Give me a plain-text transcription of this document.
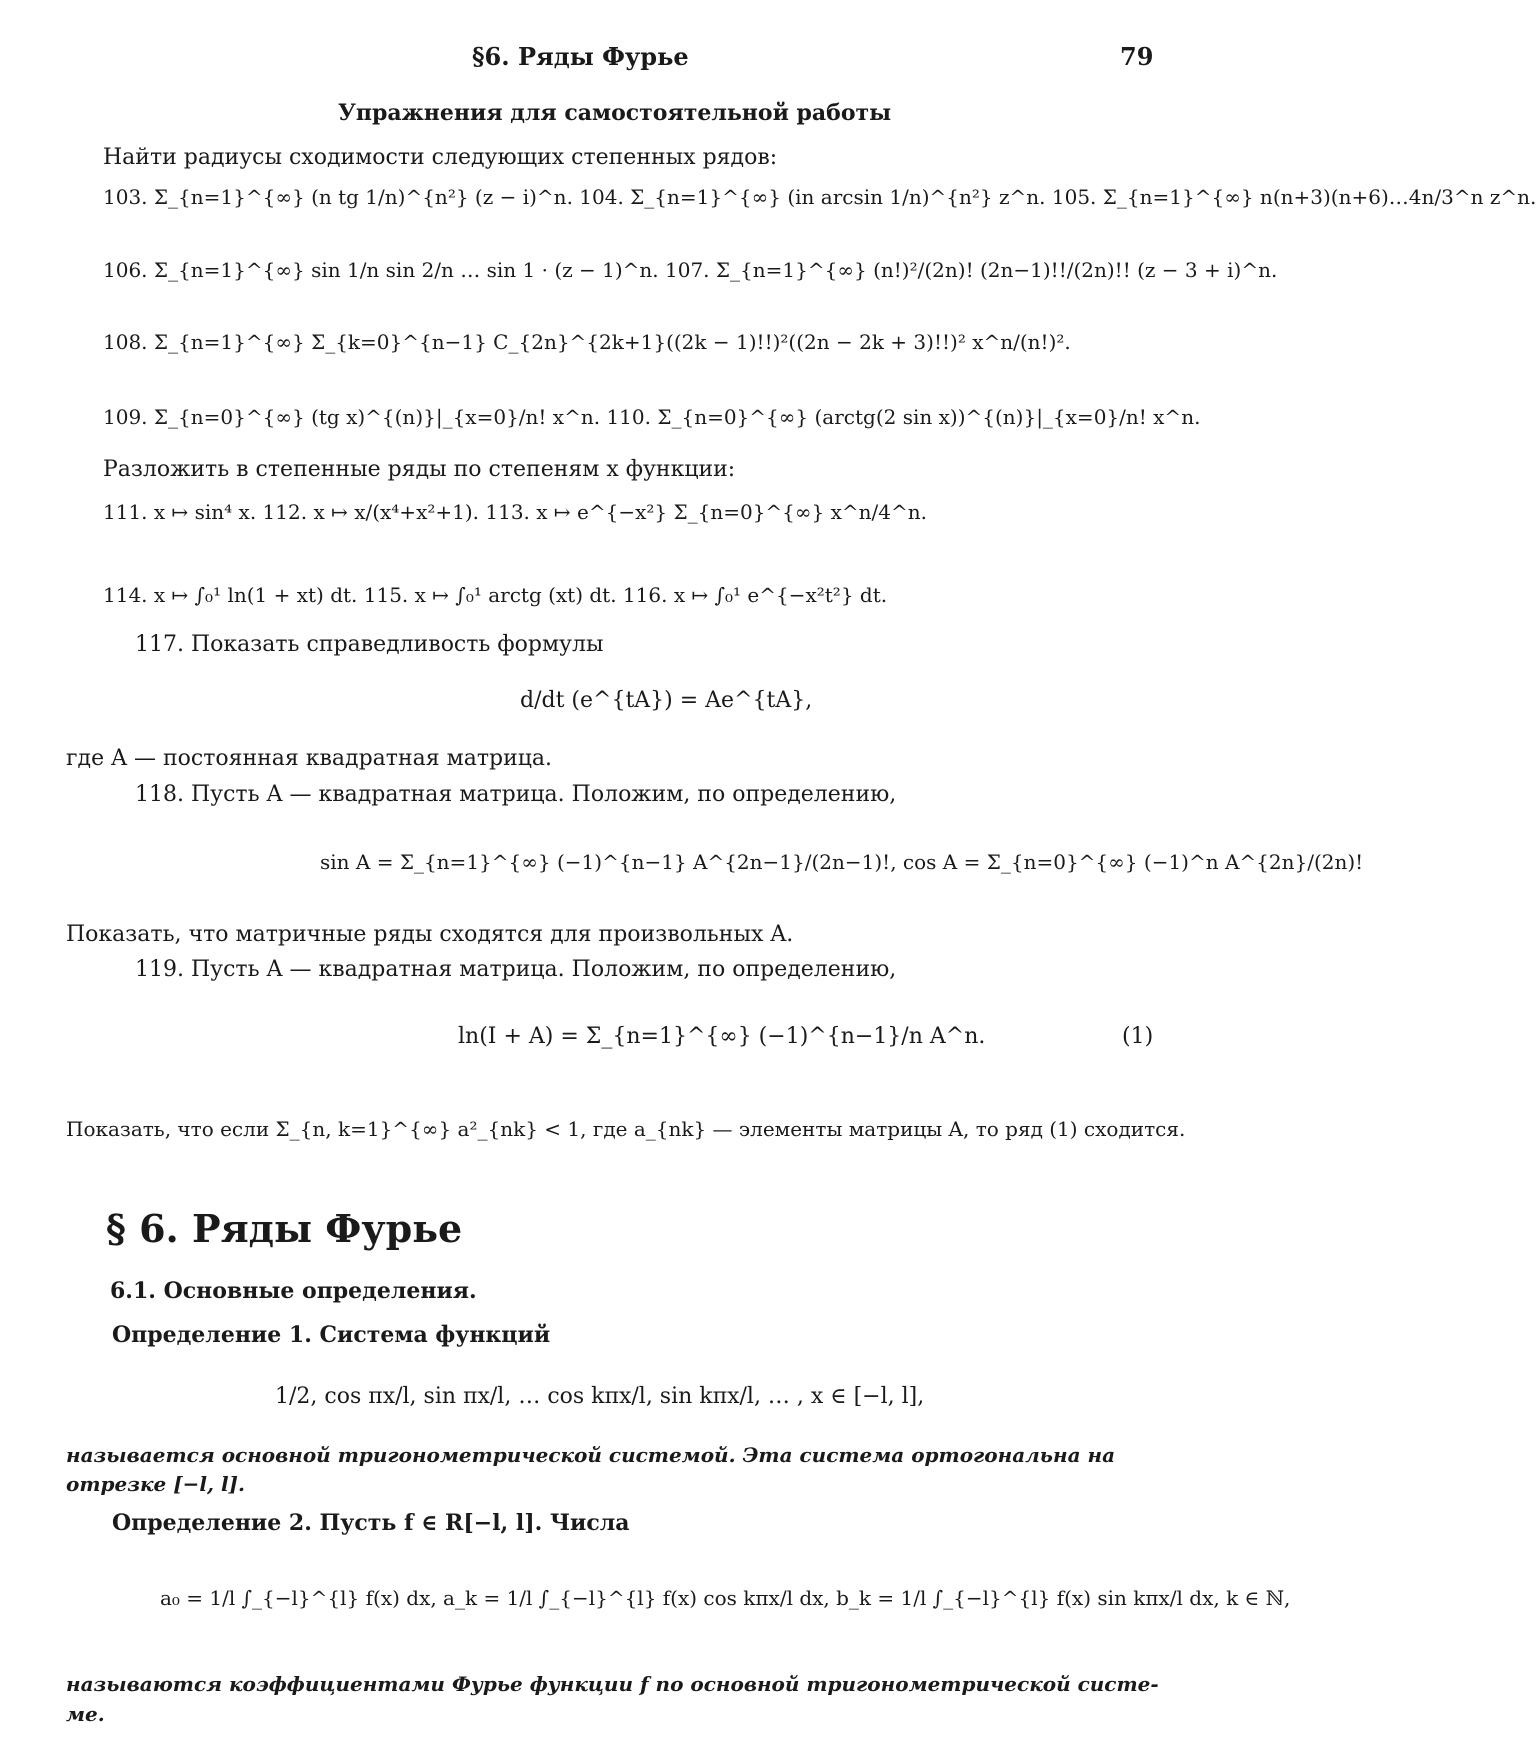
§6. Ряды Фурье	79
Упражнения для самостоятельной работы
Найти радиусы сходимости следующих степенных рядов:
103. Σ_{n=1}^{∞} (n tg 1/n)^{n²} (z − i)^n. 104. Σ_{n=1}^{∞} (in arcsin 1/n)^{n²} z^n. 105. Σ_{n=1}^{∞} n(n+3)(n+6)…4n/3^n z^n.
106. Σ_{n=1}^{∞} sin 1/n sin 2/n … sin 1 · (z − 1)^n. 107. Σ_{n=1}^{∞} (n!)²/(2n)! (2n−1)!!/(2n)!! (z − 3 + i)^n.
108. Σ_{n=1}^{∞} Σ_{k=0}^{n−1} C_{2n}^{2k+1}((2k − 1)!!)²((2n − 2k + 3)!!)² x^n/(n!)².
109. Σ_{n=0}^{∞} (tg x)^{(n)}|_{x=0}/n! x^n. 110. Σ_{n=0}^{∞} (arctg(2 sin x))^{(n)}|_{x=0}/n! x^n.
Разложить в степенные ряды по степеням x функции:
111. x ↦ sin⁴ x. 112. x ↦ x/(x⁴+x²+1). 113. x ↦ e^{−x²} Σ_{n=0}^{∞} x^n/4^n.
114. x ↦ ∫₀¹ ln(1 + xt) dt. 115. x ↦ ∫₀¹ arctg (xt) dt. 116. x ↦ ∫₀¹ e^{−x²t²} dt.
117. Показать справедливость формулы
d/dt (e^{tA}) = Ae^{tA},
где A — постоянная квадратная матрица.
118. Пусть A — квадратная матрица. Положим, по определению,
sin A = Σ_{n=1}^{∞} (−1)^{n−1} A^{2n−1}/(2n−1)!, cos A = Σ_{n=0}^{∞} (−1)^n A^{2n}/(2n)!
Показать, что матричные ряды сходятся для произвольных A.
119. Пусть A — квадратная матрица. Положим, по определению,
ln(I + A) = Σ_{n=1}^{∞} (−1)^{n−1}/n A^n.	(1)
Показать, что если Σ_{n, k=1}^{∞} a²_{nk} < 1, где a_{nk} — элементы матрицы A, то ряд (1) сходится.
§ 6. Ряды Фурье
6.1. Основные определения.
Определение 1. Система функций
1/2, cos πx/l, sin πx/l, … cos kπx/l, sin kπx/l, … , x ∈ [−l, l],
называется основной тригонометрической системой. Эта система ортогональна на
отрезке [−l, l].
Определение 2. Пусть f ∈ R[−l, l]. Числа
a₀ = 1/l ∫_{−l}^{l} f(x) dx, a_k = 1/l ∫_{−l}^{l} f(x) cos kπx/l dx, b_k = 1/l ∫_{−l}^{l} f(x) sin kπx/l dx, k ∈ ℕ,
называются коэффициентами Фурье функции f по основной тригонометрической систе-
ме.
